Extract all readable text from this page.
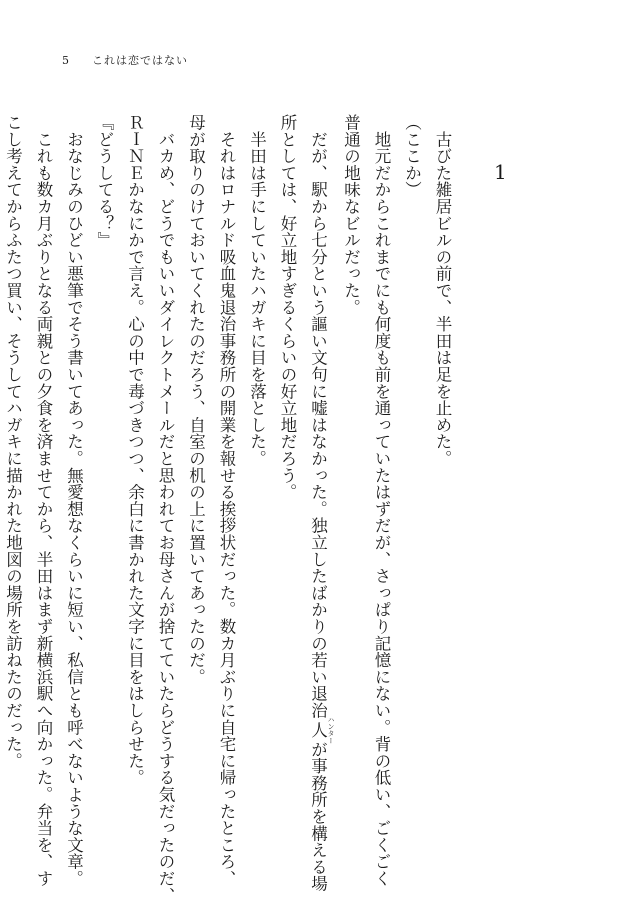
5 これは恋ではない
1

古びた雑居ビルの前で、半田は足を止めた。

（ここか）

地元だからこれまでにも何度も前を通っていたはずだが、さっぱり記憶にない。背の低い、ごくごく

普通の地味なビルだった。

だが、駅から七分という謳い文句に嘘はなかった。独立したばかりの若い退治人 ハンターが事務所を構える場

所としては、好立地すぎるくらいの好立地だろう。

半田は手にしていたハガキに目を落とした。

それはロナルド吸血鬼退治事務所の開業を報せる挨拶状だった。数カ月ぶりに自宅に帰ったところ、

母が取りのけておいてくれたのだろう、自室の机の上に置いてあったのだ。

バカめ、どうでもいいダイレクトメールだと思われてお母さんが捨てていたらどうする気だったのだ、

ＲＩＮＥかなにかで言え。心の中で毒づきつつ、余白に書かれた文字に目をはしらせた。

『どうしてる？』

おなじみのひどい悪筆でそう書いてあった。無愛想なくらいに短い、私信とも呼べないような文章。

これも数カ月ぶりとなる両親との夕食を済ませてから、半田はまず新横浜駅へ向かった。弁当を、す

こし考えてからふたつ買い、そうしてハガキに描かれた地図の場所を訪ねたのだった。
